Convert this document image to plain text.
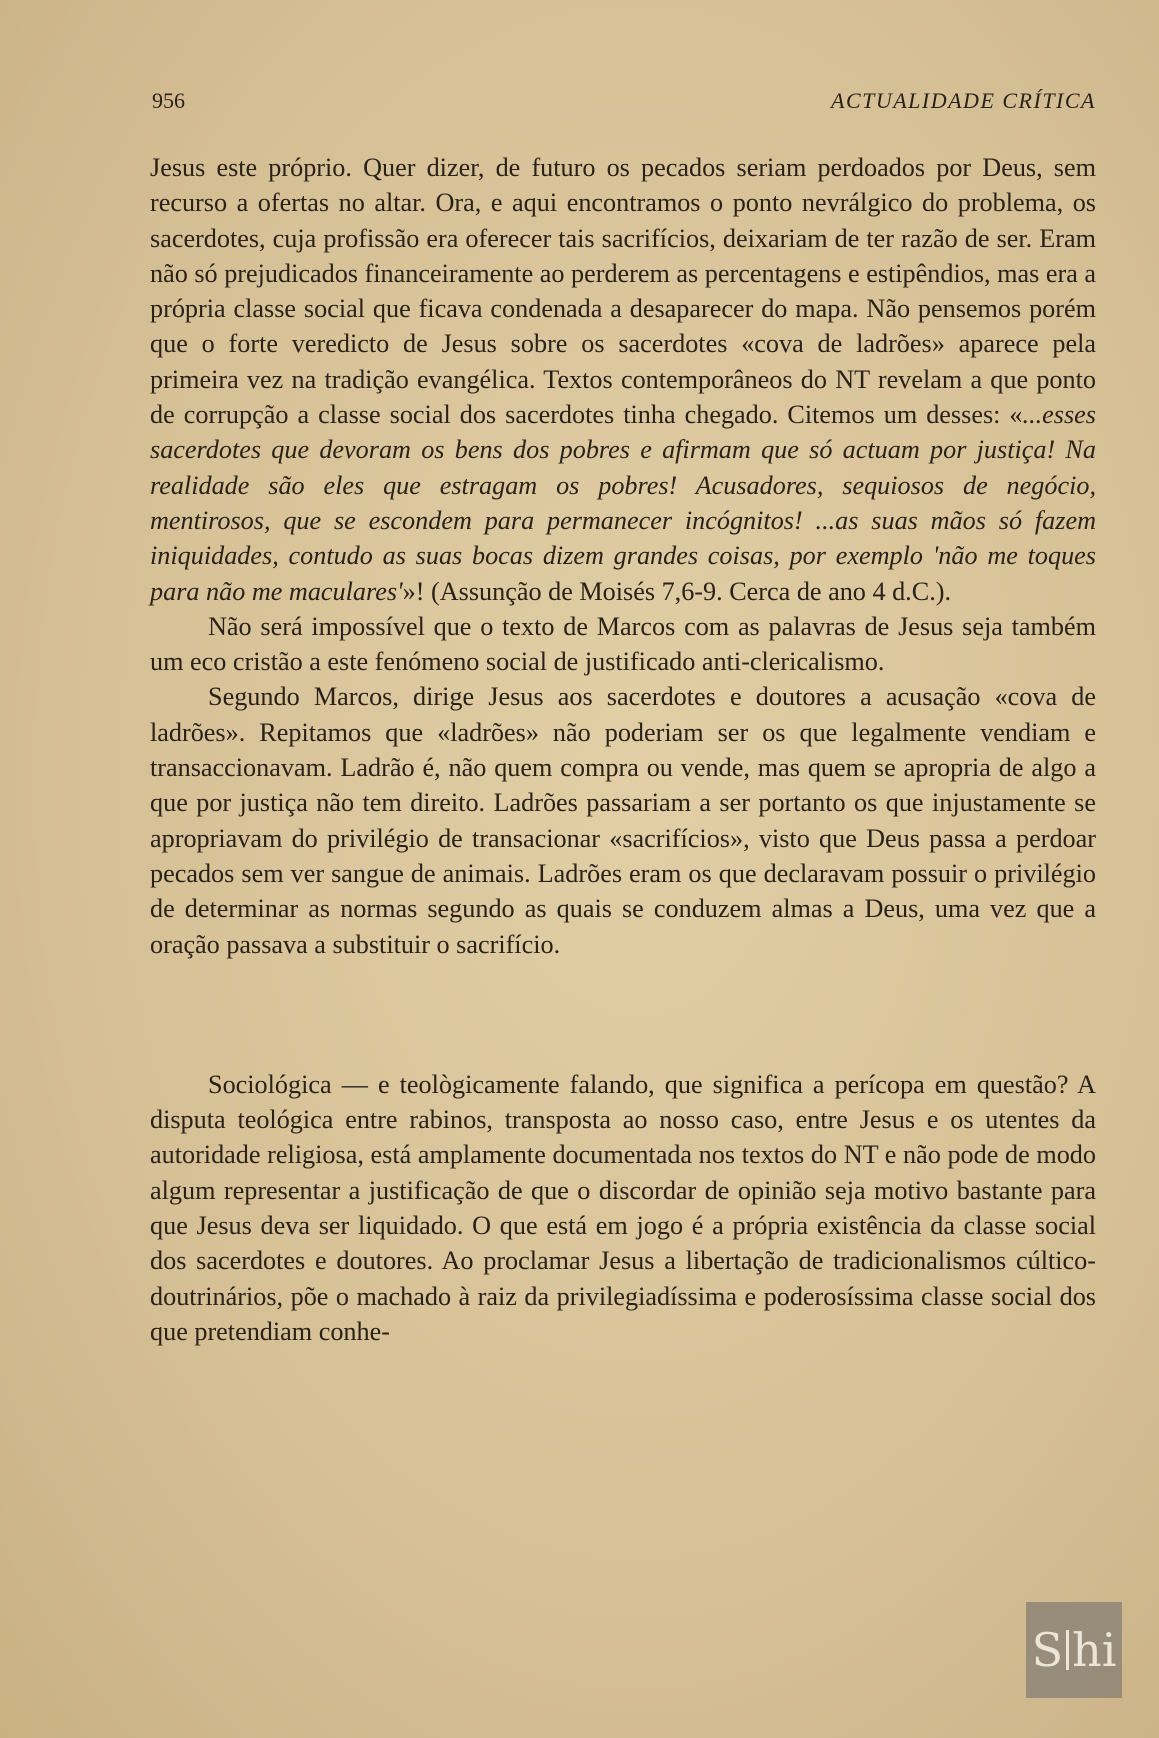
956	ACTUALIDADE CRÍTICA

Jesus este próprio. Quer dizer, de futuro os pecados seriam perdoados por Deus, sem recurso a ofertas no altar. Ora, e aqui encontramos o ponto nevrálgico do problema, os sacerdotes, cuja profissão era oferecer tais sacrifícios, deixariam de ter razão de ser. Eram não só prejudicados financeiramente ao perderem as percentagens e estipêndios, mas era a própria classe social que ficava condenada a desaparecer do mapa. Não pensemos porém que o forte veredicto de Jesus sobre os sacerdotes «cova de ladrões» aparece pela primeira vez na tradição evangélica. Textos contemporâneos do NT revelam a que ponto de corrupção a classe social dos sacerdotes tinha chegado. Citemos um desses: «...esses sacerdotes que devoram os bens dos pobres e afirmam que só actuam por justiça! Na realidade são eles que estragam os pobres! Acusadores, sequiosos de negócio, mentirosos, que se escondem para permanecer incógnitos! ...as suas mãos só fazem iniquidades, contudo as suas bocas dizem grandes coisas, por exemplo 'não me toques para não me maculares'»! (Assunção de Moisés 7,6-9. Cerca de ano 4 d.C.).

Não será impossível que o texto de Marcos com as palavras de Jesus seja também um eco cristão a este fenómeno social de justificado anti-clericalismo.

Segundo Marcos, dirige Jesus aos sacerdotes e doutores a acusação «cova de ladrões». Repitamos que «ladrões» não poderiam ser os que legalmente vendiam e transaccionavam. Ladrão é, não quem compra ou vende, mas quem se apropria de algo a que por justiça não tem direito. Ladrões passariam a ser portanto os que injustamente se apropriavam do privilégio de transacionar «sacrifícios», visto que Deus passa a perdoar pecados sem ver sangue de animais. Ladrões eram os que declaravam possuir o privilégio de determinar as normas segundo as quais se conduzem almas a Deus, uma vez que a oração passava a substituir o sacrifício.

Sociológica — e teològicamente falando, que significa a perícopa em questão? A disputa teológica entre rabinos, transposta ao nosso caso, entre Jesus e os utentes da autoridade religiosa, está amplamente documentada nos textos do NT e não pode de modo algum representar a justificação de que o discordar de opinião seja motivo bastante para que Jesus deva ser liquidado. O que está em jogo é a própria existência da classe social dos sacerdotes e doutores. Ao proclamar Jesus a libertação de tradicionalismos cúltico-doutrinários, põe o machado à raiz da privilegiadíssima e poderosíssima classe social dos que pretendiam conhe-

S hi
